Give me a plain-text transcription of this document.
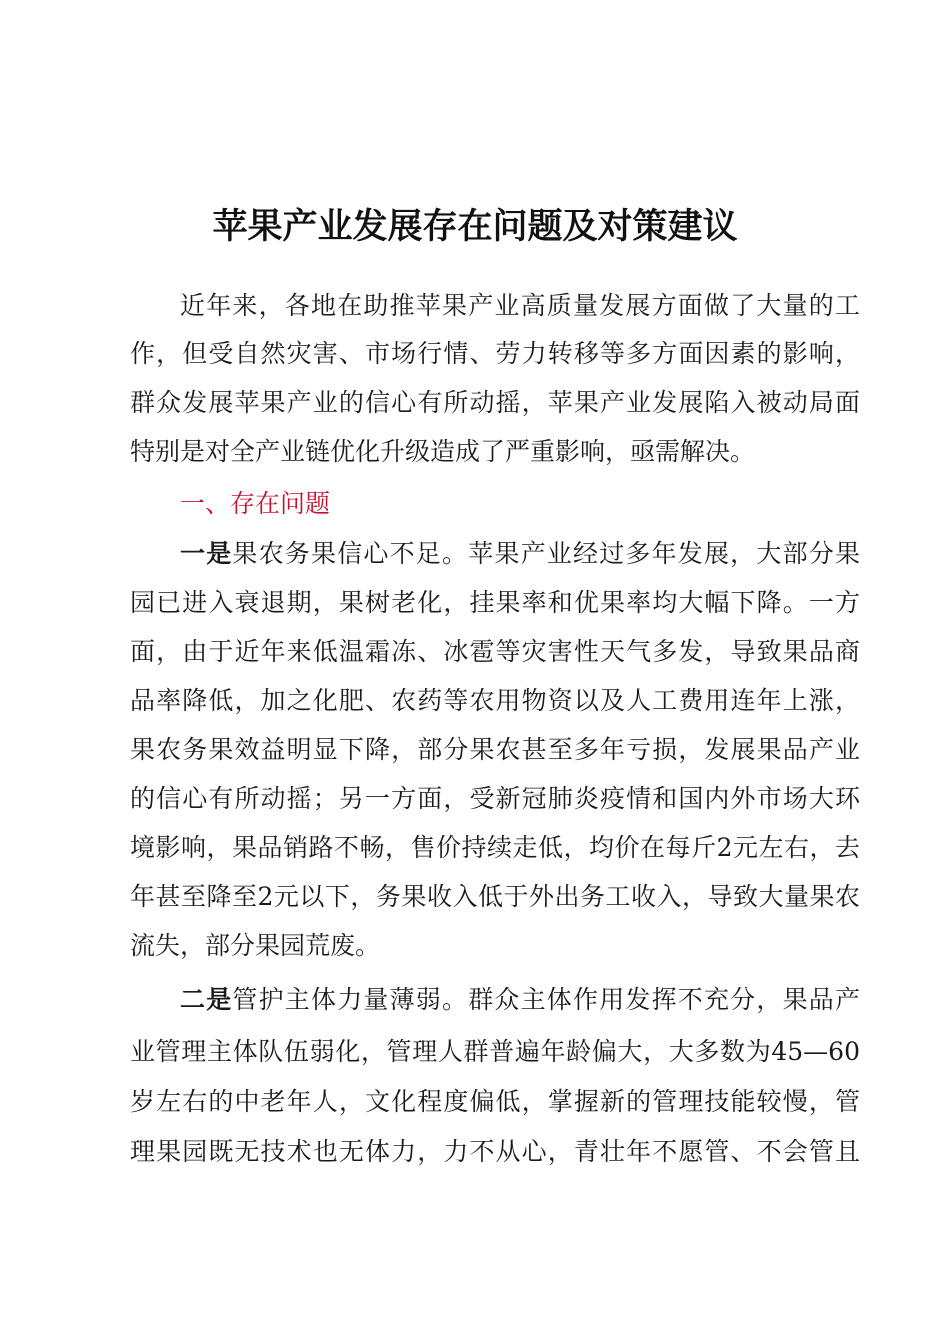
苹果产业发展存在问题及对策建议
近年来，各地在助推苹果产业高质量发展方面做了大量的工
作，但受自然灾害、市场行情、劳力转移等多方面因素的影响，
群众发展苹果产业的信心有所动摇，苹果产业发展陷入被动局面
特别是对全产业链优化升级造成了严重影响，亟需解决。
一、存在问题
一是果农务果信心不足。苹果产业经过多年发展，大部分果
园已进入衰退期，果树老化，挂果率和优果率均大幅下降。一方
面，由于近年来低温霜冻、冰雹等灾害性天气多发，导致果品商
品率降低，加之化肥、农药等农用物资以及人工费用连年上涨，
果农务果效益明显下降，部分果农甚至多年亏损，发展果品产业
的信心有所动摇；另一方面，受新冠肺炎疫情和国内外市场大环
境影响，果品销路不畅，售价持续走低，均价在每斤2元左右，去
年甚至降至2元以下，务果收入低于外出务工收入，导致大量果农
流失，部分果园荒废。
二是管护主体力量薄弱。群众主体作用发挥不充分，果品产
业管理主体队伍弱化，管理人群普遍年龄偏大，大多数为45—60
岁左右的中老年人，文化程度偏低，掌握新的管理技能较慢，管
理果园既无技术也无体力，力不从心，青壮年不愿管、不会管且
